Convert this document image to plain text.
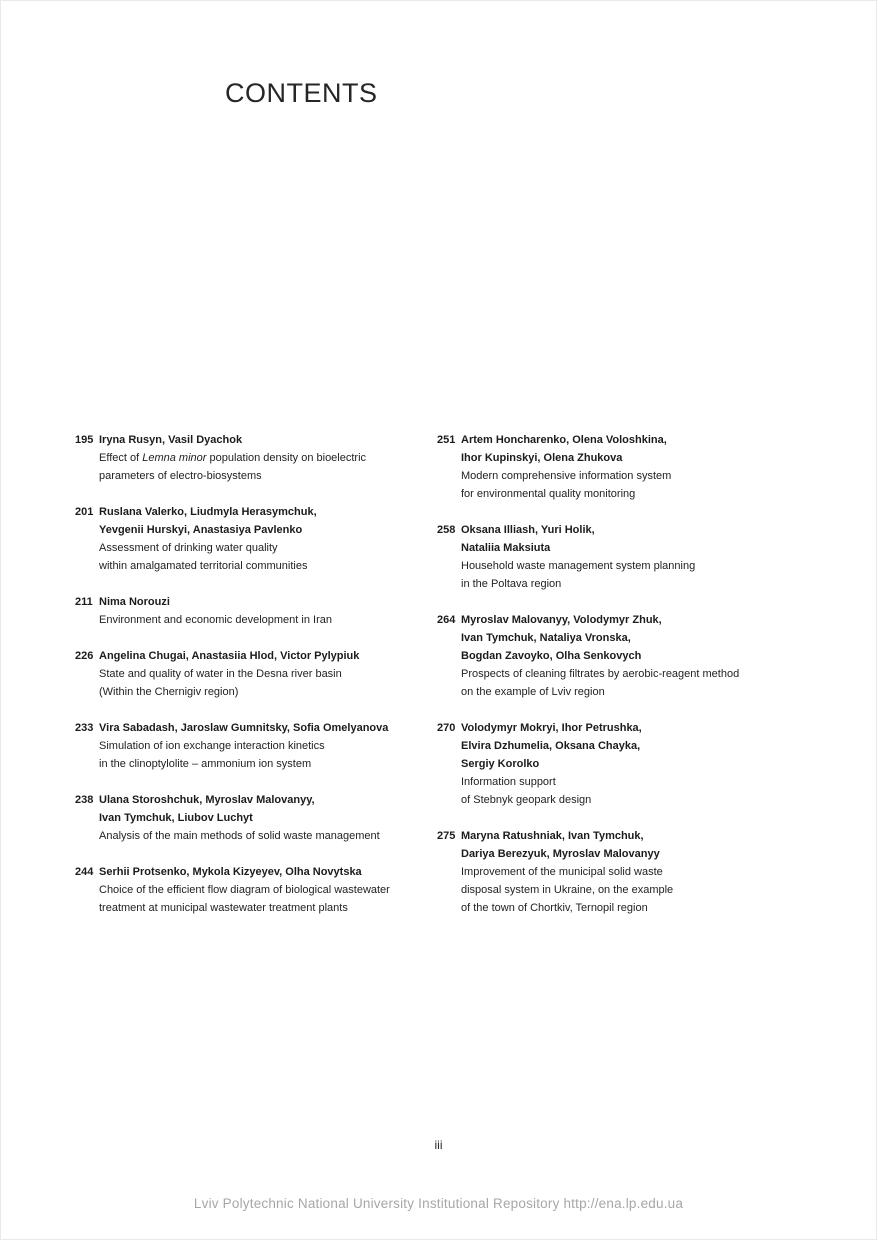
CONTENTS
195 Iryna Rusyn, Vasil Dyachok
Effect of Lemna minor population density on bioelectric
parameters of electro-biosystems
201 Ruslana Valerko, Liudmyla Herasymchuk,
Yevgenii Hurskyi, Anastasiya Pavlenko
Assessment of drinking water quality
within amalgamated territorial communities
211 Nima Norouzi
Environment and economic development in Iran
226 Angelina Chugai, Anastasiia Hlod, Victor Pylypiuk
State and quality of water in the Desna river basin
(Within the Chernigiv region)
233 Vira Sabadash, Jaroslaw Gumnitsky, Sofia Omelyanova
Simulation of ion exchange interaction kinetics
in the clinoptylolite – ammonium ion system
238 Ulana Storoshchuk, Myroslav Malovanyy,
Ivan Tymchuk, Liubov Luchyt
Analysis of the main methods of solid waste management
244 Serhii Protsenko, Mykola Kizyeyev, Olha Novytska
Choice of the efficient flow diagram of biological wastewater
treatment at municipal wastewater treatment plants
251 Artem Honcharenko, Olena Voloshkina,
Ihor Kupinskyi, Olena Zhukova
Modern comprehensive information system
for environmental quality monitoring
258 Oksana Illiash, Yuri Holik,
Nataliia Maksiuta
Household waste management system planning
in the Poltava region
264 Myroslav Malovanyy, Volodymyr Zhuk,
Ivan Tymchuk, Nataliya Vronska,
Bogdan Zavoyko, Olha Senkovych
Prospects of cleaning filtrates by aerobic-reagent method
on the example of Lviv region
270 Volodymyr Mokryi, Ihor Petrushka,
Elvira Dzhumelia, Oksana Chayka,
Sergiy Korolko
Information support
of Stebnyk geopark design
275 Maryna Ratushniak, Ivan Tymchuk,
Dariya Berezyuk, Myroslav Malovanyy
Improvement of the municipal solid waste
disposal system in Ukraine, on the example
of the town of Chortkiv, Ternopil region
iii
Lviv Polytechnic National University Institutional Repository http://ena.lp.edu.ua
